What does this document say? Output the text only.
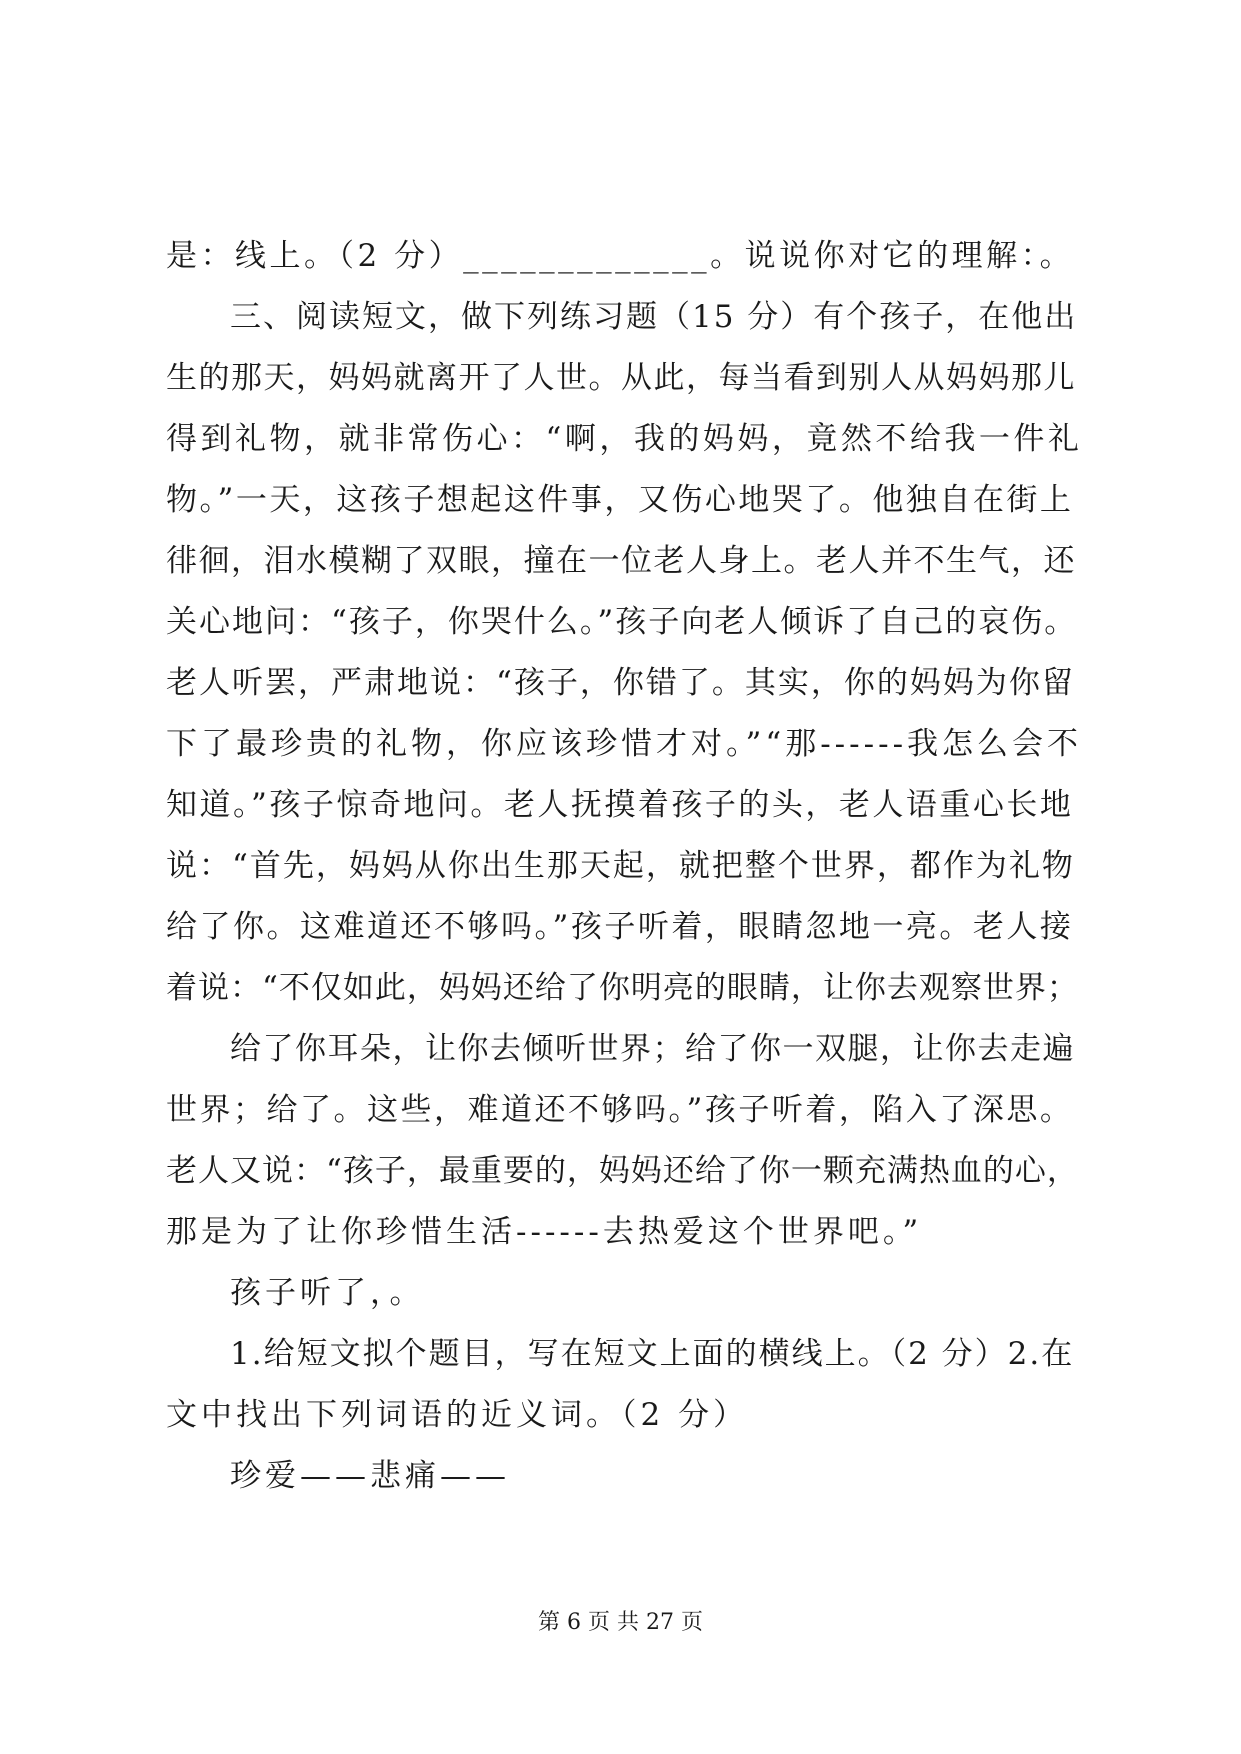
是：线上。（2 分）_____________。说说你对它的理解：。
三、阅读短文，做下列练习题（15 分）有个孩子，在他出
生的那天，妈妈就离开了人世。从此，每当看到别人从妈妈那儿
得到礼物，就非常伤心：“啊，我的妈妈，竟然不给我一件礼
物。”一天，这孩子想起这件事，又伤心地哭了。他独自在街上
徘徊，泪水模糊了双眼，撞在一位老人身上。老人并不生气，还
关心地问：“孩子，你哭什么。”孩子向老人倾诉了自己的哀伤。
老人听罢，严肃地说：“孩子，你错了。其实，你的妈妈为你留
下了最珍贵的礼物，你应该珍惜才对。”“那------我怎么会不
知道。”孩子惊奇地问。老人抚摸着孩子的头，老人语重心长地
说：“首先，妈妈从你出生那天起，就把整个世界，都作为礼物
给了你。这难道还不够吗。”孩子听着，眼睛忽地一亮。老人接
着说：“不仅如此，妈妈还给了你明亮的眼睛，让你去观察世界；
给了你耳朵，让你去倾听世界；给了你一双腿，让你去走遍
世界；给了。这些，难道还不够吗。”孩子听着，陷入了深思。
老人又说：“孩子，最重要的，妈妈还给了你一颗充满热血的心，
那是为了让你珍惜生活------去热爱这个世界吧。”
孩子听了，。
1.给短文拟个题目，写在短文上面的横线上。（2 分）2.在
文中找出下列词语的近义词。（2 分）
珍爱——悲痛——
第 6 页 共 27 页
